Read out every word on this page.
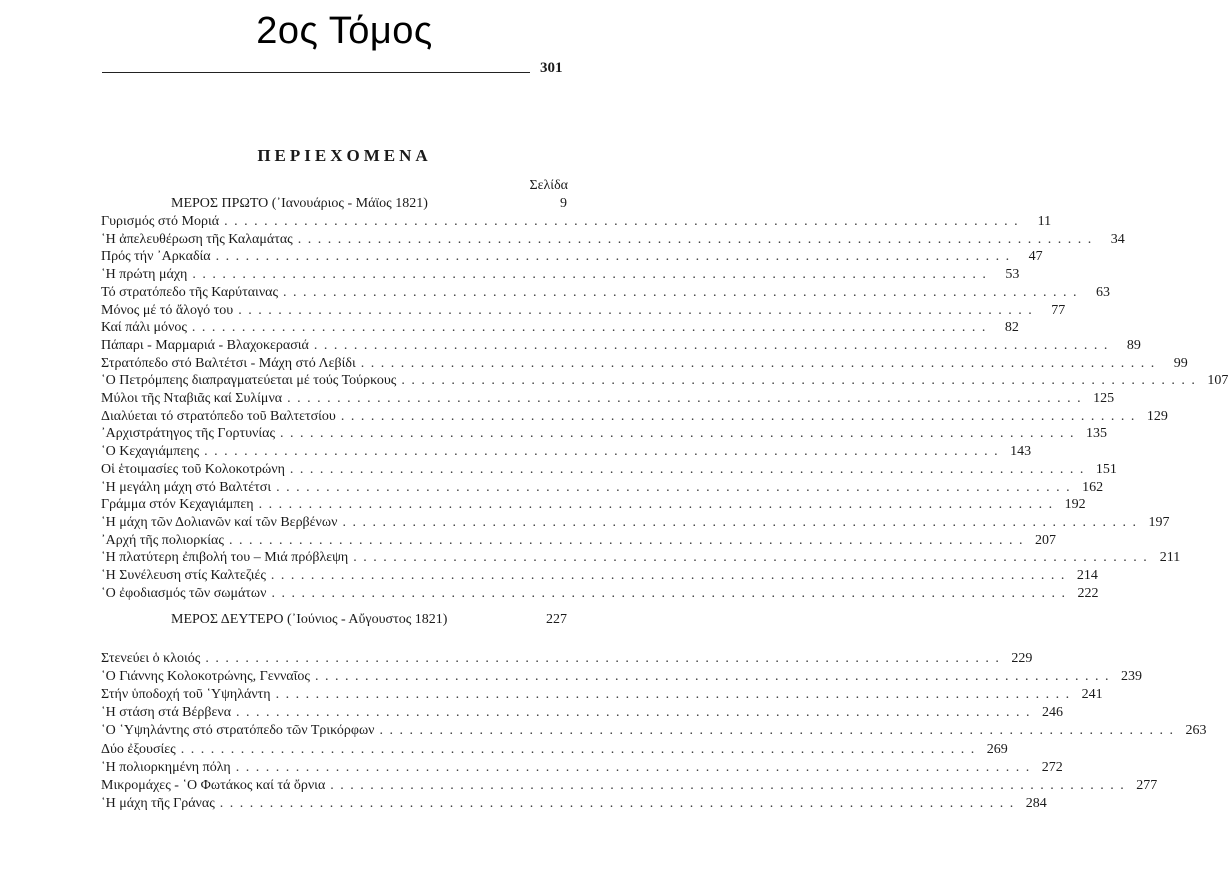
2ος Τόμος
301
ΠΕΡΙΕΧΟΜΕΝΑ
Σελίδα
ΜΕΡΟΣ ΠΡΩΤΟ (᾿Ιανουάριος - Μάϊος 1821)	9
Γυρισμός στό Μοριά . . . . . . . . . . . . . . . . . . . . . . . . . . . . . . . . . . . . . . . . . . . . . . . . . . . . . . . . . . . . . . . . . . . . . . . . . . . . . . . .	11
῾Η ἀπελευθέρωση τῆς Καλαμάτας . . . . . . . . . . . . . . . . . . . . . . . . . . . . . . . . . . . . . . . . . . . . . . . . . . . . . . . . . . . . . . . . . . . . . . . . . . . . . . . .	34
Πρός τήν ᾿Αρκαδία . . . . . . . . . . . . . . . . . . . . . . . . . . . . . . . . . . . . . . . . . . . . . . . . . . . . . . . . . . . . . . . . . . . . . . . . . . . . . . . .	47
῾Η πρώτη μάχη . . . . . . . . . . . . . . . . . . . . . . . . . . . . . . . . . . . . . . . . . . . . . . . . . . . . . . . . . . . . . . . . . . . . . . . . . . . . . . . .	53
Τό στρατόπεδο τῆς Καρύταινας . . . . . . . . . . . . . . . . . . . . . . . . . . . . . . . . . . . . . . . . . . . . . . . . . . . . . . . . . . . . . . . . . . . . . . . . . . . . . . . .	63
Μόνος μέ τό ἄλογό του . . . . . . . . . . . . . . . . . . . . . . . . . . . . . . . . . . . . . . . . . . . . . . . . . . . . . . . . . . . . . . . . . . . . . . . . . . . . . . . .	77
Καί πάλι μόνος . . . . . . . . . . . . . . . . . . . . . . . . . . . . . . . . . . . . . . . . . . . . . . . . . . . . . . . . . . . . . . . . . . . . . . . . . . . . . . . .	82
Πάπαρι - Μαρμαριά - Βλαχοκερασιά . . . . . . . . . . . . . . . . . . . . . . . . . . . . . . . . . . . . . . . . . . . . . . . . . . . . . . . . . . . . . . . . . . . . . . . . . . . . . . . .	89
Στρατόπεδο στό Βαλτέτσι - Μάχη στό Λεβίδι . . . . . . . . . . . . . . . . . . . . . . . . . . . . . . . . . . . . . . . . . . . . . . . . . . . . . . . . . . . . . . . . . . . . . . . . . . . . . . . .	99
῾Ο Πετρόμπεης διαπραγματεύεται μέ τούς Τούρκους . . . . . . . . . . . . . . . . . . . . . . . . . . . . . . . . . . . . . . . . . . . . . . . . . . . . . . . . . . . . . . . . . . . . . . . . . . . . . . . . 107
Μύλοι τῆς Νταβιᾶς καί Συλίμνα . . . . . . . . . . . . . . . . . . . . . . . . . . . . . . . . . . . . . . . . . . . . . . . . . . . . . . . . . . . . . . . . . . . . . . . . . . . . . . . . 125
Διαλύεται τό στρατόπεδο τοῦ Βαλτετσίου . . . . . . . . . . . . . . . . . . . . . . . . . . . . . . . . . . . . . . . . . . . . . . . . . . . . . . . . . . . . . . . . . . . . . . . . . . . . . . . . 129
᾿Αρχιστράτηγος τῆς Γορτυνίας . . . . . . . . . . . . . . . . . . . . . . . . . . . . . . . . . . . . . . . . . . . . . . . . . . . . . . . . . . . . . . . . . . . . . . . . . . . . . . . . 135
῾Ο Κεχαγιάμπεης . . . . . . . . . . . . . . . . . . . . . . . . . . . . . . . . . . . . . . . . . . . . . . . . . . . . . . . . . . . . . . . . . . . . . . . . . . . . . . . . 143
Οἱ ἑτοιμασίες τοῦ Κολοκοτρώνη . . . . . . . . . . . . . . . . . . . . . . . . . . . . . . . . . . . . . . . . . . . . . . . . . . . . . . . . . . . . . . . . . . . . . . . . . . . . . . . . 151
῾Η μεγάλη μάχη στό Βαλτέτσι . . . . . . . . . . . . . . . . . . . . . . . . . . . . . . . . . . . . . . . . . . . . . . . . . . . . . . . . . . . . . . . . . . . . . . . . . . . . . . . . 162
Γράμμα στόν Κεχαγιάμπεη . . . . . . . . . . . . . . . . . . . . . . . . . . . . . . . . . . . . . . . . . . . . . . . . . . . . . . . . . . . . . . . . . . . . . . . . . . . . . . . . 192
῾Η μάχη τῶν Δολιανῶν καί τῶν Βερβένων . . . . . . . . . . . . . . . . . . . . . . . . . . . . . . . . . . . . . . . . . . . . . . . . . . . . . . . . . . . . . . . . . . . . . . . . . . . . . . . . 197
᾿Αρχή τῆς πολιορκίας . . . . . . . . . . . . . . . . . . . . . . . . . . . . . . . . . . . . . . . . . . . . . . . . . . . . . . . . . . . . . . . . . . . . . . . . . . . . . . . . 207
῾Η πλατύτερη ἐπιβολή του – Μιά πρόβλεψη . . . . . . . . . . . . . . . . . . . . . . . . . . . . . . . . . . . . . . . . . . . . . . . . . . . . . . . . . . . . . . . . . . . . . . . . . . . . . . . . 211
῾Η Συνέλευση στίς Καλτεζιές . . . . . . . . . . . . . . . . . . . . . . . . . . . . . . . . . . . . . . . . . . . . . . . . . . . . . . . . . . . . . . . . . . . . . . . . . . . . . . . . 214
῾Ο ἐφοδιασμός τῶν σωμάτων . . . . . . . . . . . . . . . . . . . . . . . . . . . . . . . . . . . . . . . . . . . . . . . . . . . . . . . . . . . . . . . . . . . . . . . . . . . . . . . . 222
ΜΕΡΟΣ ΔΕΥΤΕΡΟ (᾿Ιούνιος - Αὔγουστος 1821)	227
Στενεύει ὁ κλοιός . . . . . . . . . . . . . . . . . . . . . . . . . . . . . . . . . . . . . . . . . . . . . . . . . . . . . . . . . . . . . . . . . . . . . . . . . . . . . . . . 229
῾Ο Γιάννης Κολοκοτρώνης, Γενναῖος . . . . . . . . . . . . . . . . . . . . . . . . . . . . . . . . . . . . . . . . . . . . . . . . . . . . . . . . . . . . . . . . . . . . . . . . . . . . . . . . 239
Στήν ὑποδοχή τοῦ ῾Υψηλάντη . . . . . . . . . . . . . . . . . . . . . . . . . . . . . . . . . . . . . . . . . . . . . . . . . . . . . . . . . . . . . . . . . . . . . . . . . . . . . . . . 241
῾Η στάση στά Βέρβενα . . . . . . . . . . . . . . . . . . . . . . . . . . . . . . . . . . . . . . . . . . . . . . . . . . . . . . . . . . . . . . . . . . . . . . . . . . . . . . . . 246
῾Ο ῾Υψηλάντης στό στρατόπεδο τῶν Τρικόρφων . . . . . . . . . . . . . . . . . . . . . . . . . . . . . . . . . . . . . . . . . . . . . . . . . . . . . . . . . . . . . . . . . . . . . . . . . . . . . . . . 263
Δύο ἐξουσίες . . . . . . . . . . . . . . . . . . . . . . . . . . . . . . . . . . . . . . . . . . . . . . . . . . . . . . . . . . . . . . . . . . . . . . . . . . . . . . . . 269
῾Η πολιορκημένη πόλη . . . . . . . . . . . . . . . . . . . . . . . . . . . . . . . . . . . . . . . . . . . . . . . . . . . . . . . . . . . . . . . . . . . . . . . . . . . . . . . . 272
Μικρομάχες - ῾Ο Φωτάκος καί τά ὄρνια . . . . . . . . . . . . . . . . . . . . . . . . . . . . . . . . . . . . . . . . . . . . . . . . . . . . . . . . . . . . . . . . . . . . . . . . . . . . . . . . 277
῾Η μάχη τῆς Γράνας . . . . . . . . . . . . . . . . . . . . . . . . . . . . . . . . . . . . . . . . . . . . . . . . . . . . . . . . . . . . . . . . . . . . . . . . . . . . . . . . 284
